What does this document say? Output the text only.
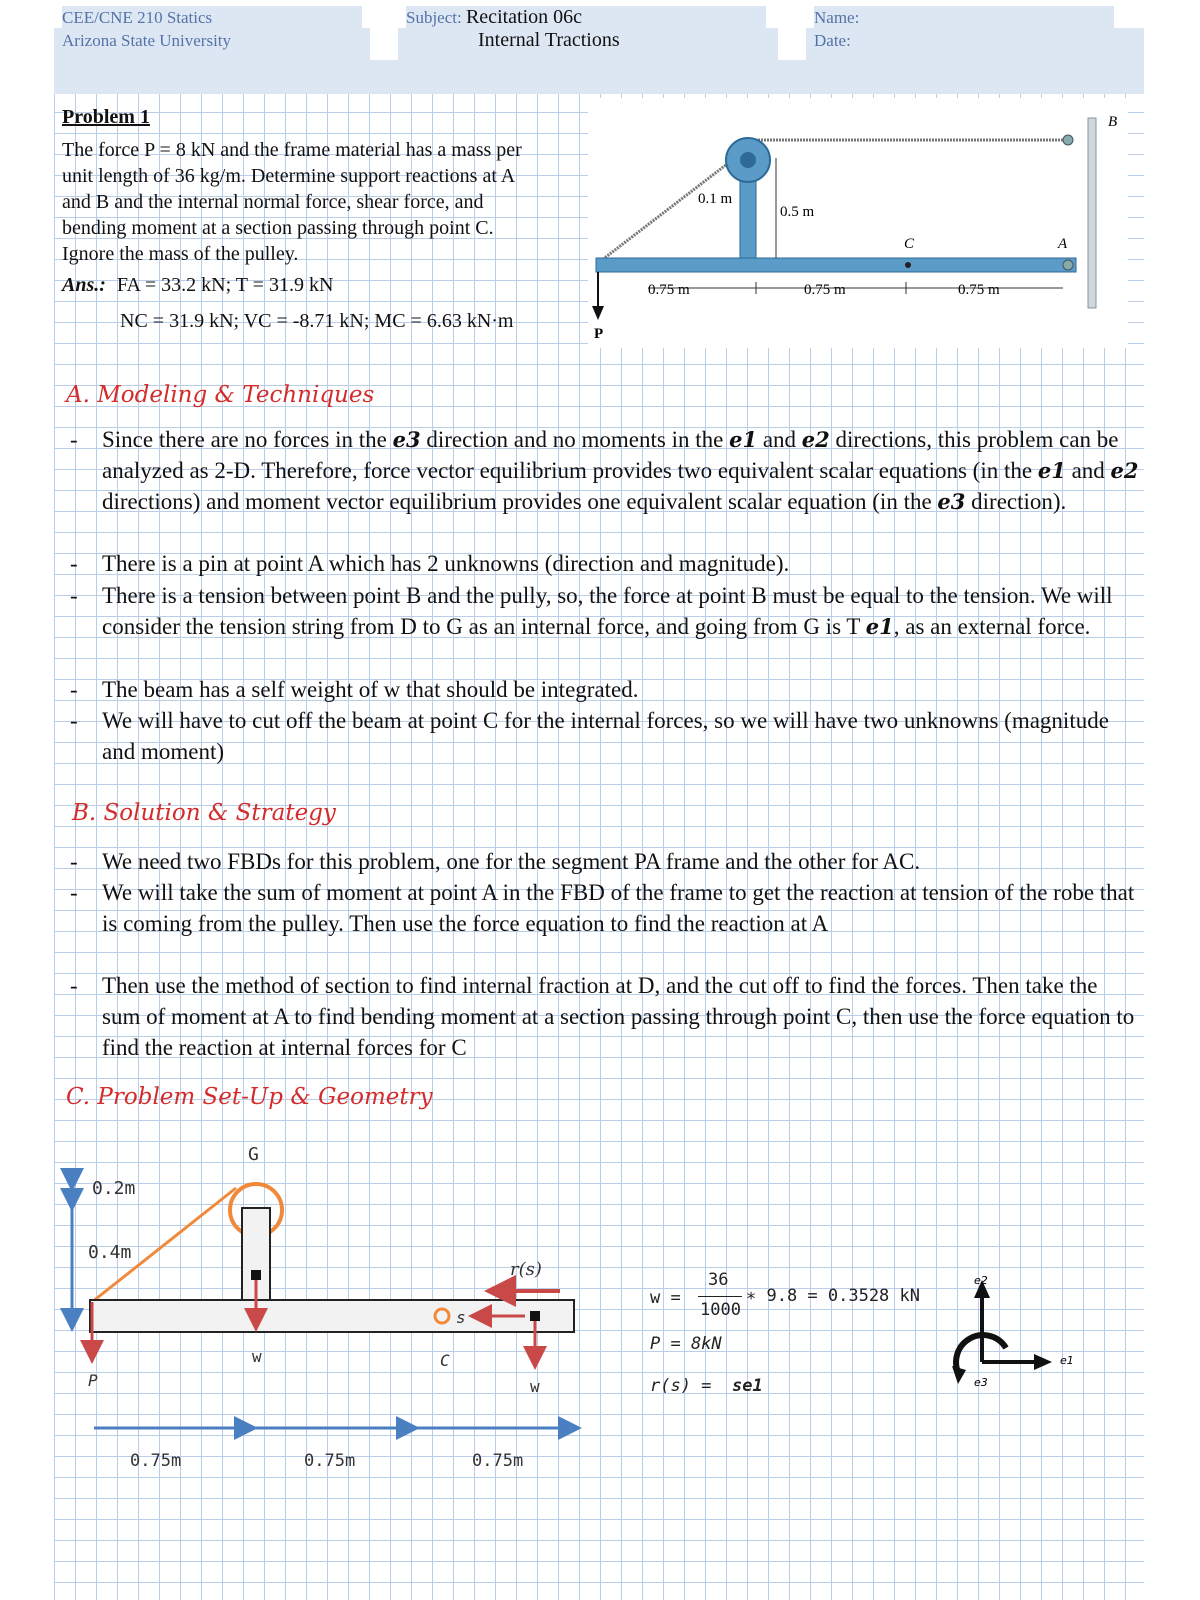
CEE/CNE 210 Statics
Arizona State University
Subject: Recitation 06c
Internal Tractions
Name:
Date:
Problem 1
The force P = 8 kN and the frame material has a mass per
unit length of 36 kg/m. Determine support reactions at A
and B and the internal normal force, shear force, and
bending moment at a section passing through point C.
Ignore the mass of the pulley.
Ans.: FA = 33.2 kN; T = 31.9 kN
NC = 31.9 kN; VC = -8.71 kN; MC = 6.63 kN·m
B
A
C
P
0.1 m
0.5 m
0.75 m	0.75 m	0.75 m
A. Modeling & Techniques
- Since there are no forces in the e3 direction and no moments in the e1 and e2 directions, this problem can be analyzed as 2-D. Therefore, force vector equilibrium provides two equivalent scalar equations (in the e1 and e2 directions) and moment vector equilibrium provides one equivalent scalar equation (in the e3 direction).
- There is a pin at point A which has 2 unknowns (direction and magnitude).
- There is a tension between point B and the pully, so, the force at point B must be equal to the tension. We will consider the tension string from D to G as an internal force, and going from G is T e1, as an external force.
- The beam has a self weight of w that should be integrated.
- We will have to cut off the beam at point C for the internal forces, so we will have two unknowns (magnitude and moment)
B. Solution & Strategy
- We need two FBDs for this problem, one for the segment PA frame and the other for AC.
- We will take the sum of moment at point A in the FBD of the frame to get the reaction at tension of the robe that is coming from the pulley. Then use the force equation to find the reaction at A
- Then use the method of section to find internal fraction at D, and the cut off to find the forces. Then take the sum of moment at A to find bending moment at a section passing through point C, then use the force equation to find the reaction at internal forces for C
C. Problem Set-Up & Geometry
0.2m
0.4m
G
r(s)
s
w
w
C
P
0.75m	0.75m	0.75m
w =
36
1000
∗ 9.8 = 0.3528 kN
P = 8kN
r(s) = se1
e2
e1
e3
